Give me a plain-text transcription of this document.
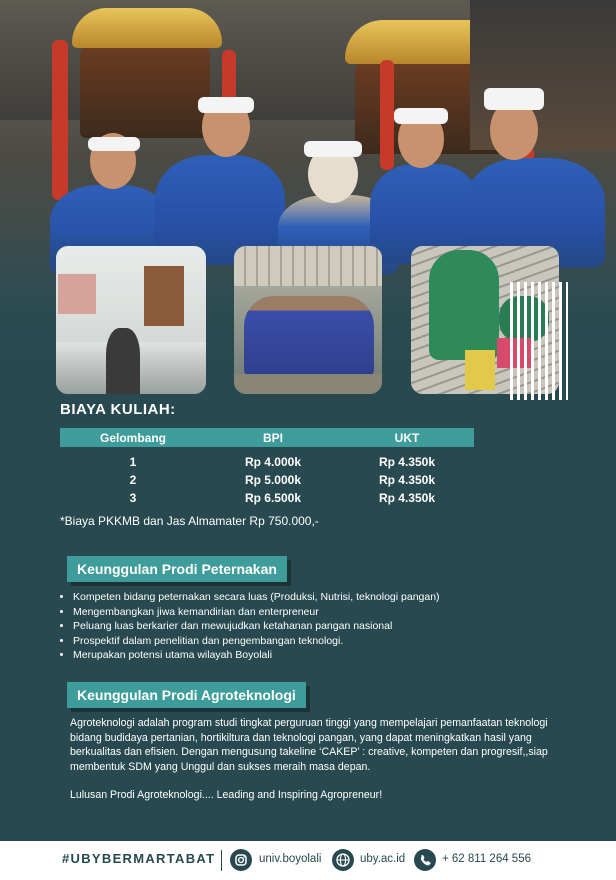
BIAYA KULIAH:
Gelombang	BPI	UKT
1	Rp 4.000k	Rp 4.350k
2	Rp 5.000k	Rp 4.350k
3	Rp 6.500k	Rp 4.350k
*Biaya PKKMB dan Jas Almamater Rp 750.000,-
Keunggulan Prodi Peternakan
• Kompeten bidang peternakan secara luas (Produksi, Nutrisi, teknologi pangan)
• Mengembangkan jiwa kemandirian dan enterpreneur
• Peluang luas berkarier dan mewujudkan ketahanan pangan nasional
• Prospektif dalam penelitian dan pengembangan teknologi.
• Merupakan potensi utama wilayah Boyolali
Keunggulan Prodi Agroteknologi

Agroteknologi adalah program studi tingkat perguruan tinggi yang mempelajari pemanfaatan teknologi bidang budidaya pertanian, hortikiltura dan teknologi pangan, yang dapat meningkatkan hasil yang berkualitas dan efisien. Dengan mengusung takeline ‘CAKEP’ : creative, kompeten dan progresif,,siap membentuk SDM yang Unggul dan sukses meraih masa depan.

Lulusan Prodi Agroteknologi.... Leading and Inspiring Agropreneur!

#UBYBERMARTABAT	univ.boyolali	uby.ac.id	+ 62 811 264 556
